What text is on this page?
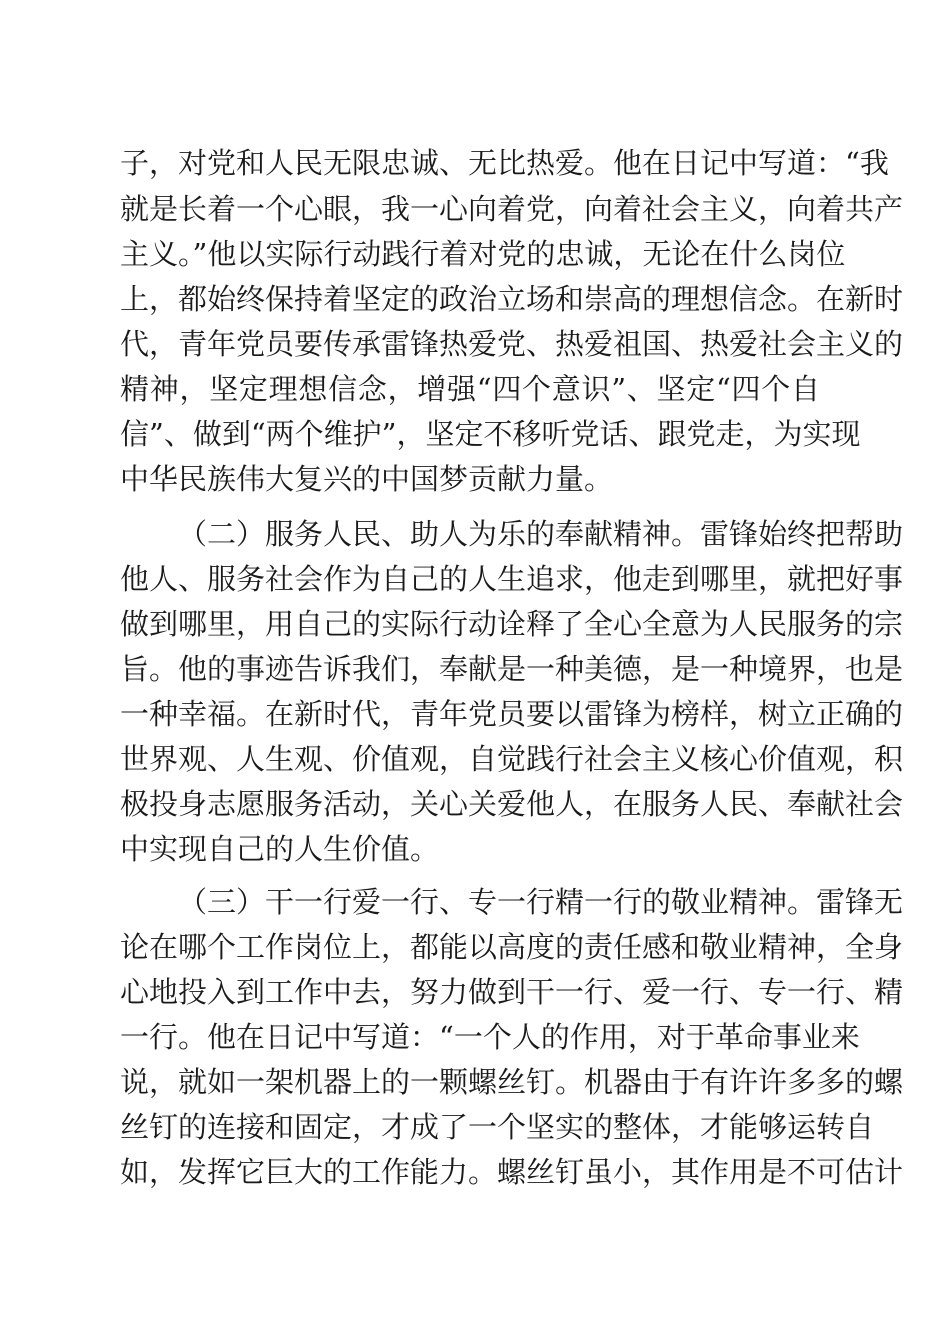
子，对党和人民无限忠诚、无比热爱。他在日记中写道：“我
就是长着一个心眼，我一心向着党，向着社会主义，向着共产
主义。”他以实际行动践行着对党的忠诚，无论在什么岗位
上，都始终保持着坚定的政治立场和崇高的理想信念。在新时
代，青年党员要传承雷锋热爱党、热爱祖国、热爱社会主义的
精神，坚定理想信念，增强“四个意识”、坚定“四个自
信”、做到“两个维护”，坚定不移听党话、跟党走，为实现
中华民族伟大复兴的中国梦贡献力量。
（二）服务人民、助人为乐的奉献精神。雷锋始终把帮助
他人、服务社会作为自己的人生追求，他走到哪里，就把好事
做到哪里，用自己的实际行动诠释了全心全意为人民服务的宗
旨。他的事迹告诉我们，奉献是一种美德，是一种境界，也是
一种幸福。在新时代，青年党员要以雷锋为榜样，树立正确的
世界观、人生观、价值观，自觉践行社会主义核心价值观，积
极投身志愿服务活动，关心关爱他人，在服务人民、奉献社会
中实现自己的人生价值。
（三）干一行爱一行、专一行精一行的敬业精神。雷锋无
论在哪个工作岗位上，都能以高度的责任感和敬业精神，全身
心地投入到工作中去，努力做到干一行、爱一行、专一行、精
一行。他在日记中写道：“一个人的作用，对于革命事业来
说，就如一架机器上的一颗螺丝钉。机器由于有许许多多的螺
丝钉的连接和固定，才成了一个坚实的整体，才能够运转自
如，发挥它巨大的工作能力。螺丝钉虽小，其作用是不可估计
